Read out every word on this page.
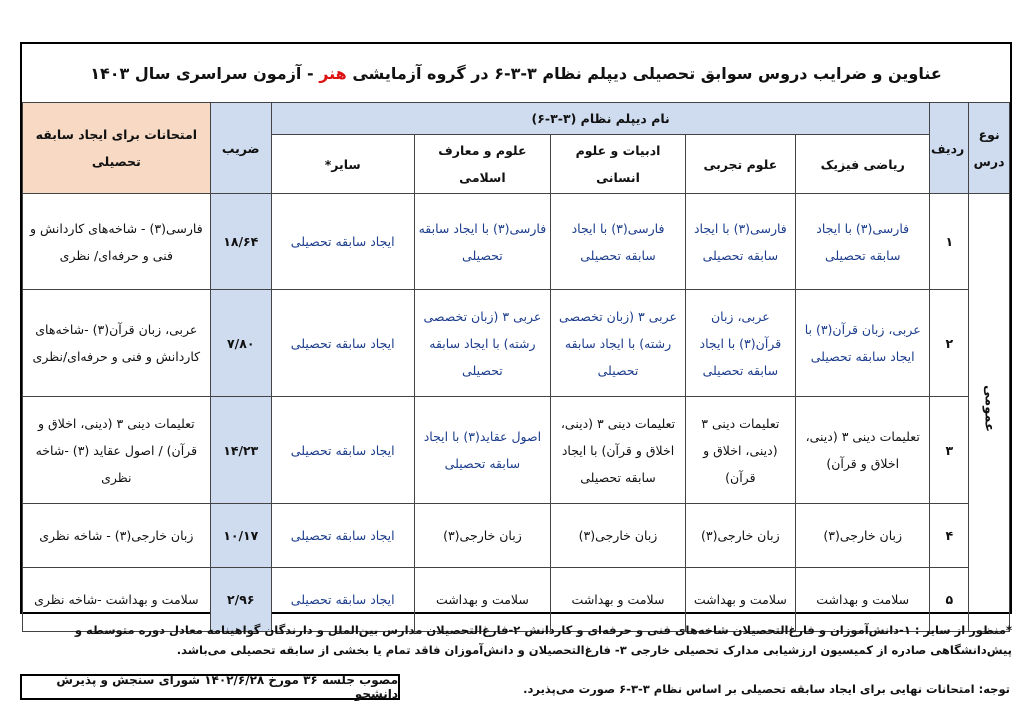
عناوین و ضرایب دروس سوابق تحصیلی دیپلم نظام ۳-۳-۶ در گروه آزمایشی

هنر

- آزمون سراسری سال ۱۴۰۳
نوع درس	ردیف	نام دیپلم نظام (۳-۳-۶)					ضریب	امتحانات برای ایجاد سابقه تحصیلی
		ریاضی فیزیک	علوم تجربی	ادبیات و علوم انسانی	علوم و معارف اسلامی	سایر*		
عمومی	۱	فارسی(۳) با ایجاد سابقه تحصیلی	فارسی(۳) با ایجاد سابقه تحصیلی	فارسی(۳) با ایجاد سابقه تحصیلی	فارسی(۳) با ایجاد سابقه تحصیلی	ایجاد سابقه تحصیلی	۱۸/۶۴	فارسی(۳) - شاخه‌های کاردانش و فنی و حرفه‌ای/ نظری
	۲	عربی، زبان قرآن(۳) با ایجاد سابقه تحصیلی	عربی، زبان قرآن(۳) با ایجاد سابقه تحصیلی	عربی ۳ (زبان تخصصی رشته) با ایجاد سابقه تحصیلی	عربی ۳ (زبان تخصصی رشته) با ایجاد سابقه تحصیلی	ایجاد سابقه تحصیلی	۷/۸۰	عربی، زبان قرآن(۳) -شاخه‌های کاردانش و فنی و حرفه‌ای/نظری
	۳	تعلیمات دینی ۳ (دینی، اخلاق و قرآن)	تعلیمات دینی ۳ (دینی، اخلاق و قرآن)	تعلیمات دینی ۳ (دینی، اخلاق و قرآن) با ایجاد سابقه تحصیلی	اصول عقاید(۳) با ایجاد سابقه تحصیلی	ایجاد سابقه تحصیلی	۱۴/۲۳	تعلیمات دینی ۳ (دینی، اخلاق و قرآن) / اصول عقاید (۳) -شاخه نظری
	۴	زبان خارجی(۳)	زبان خارجی(۳)	زبان خارجی(۳)	زبان خارجی(۳)	ایجاد سابقه تحصیلی	۱۰/۱۷	زبان خارجی(۳) - شاخه نظری
	۵	سلامت و بهداشت	سلامت و بهداشت	سلامت و بهداشت	سلامت و بهداشت	ایجاد سابقه تحصیلی	۲/۹۶	سلامت و بهداشت -شاخه نظری
*منظور از سایر : ۱-دانش‌آموزان و فارغ‌التحصیلان شاخه‌های فنی و حرفه‌ای و کاردانش ۲-فارغ‌التحصیلان مدارس بین‌الملل و دارندگان گواهینامه معادل دوره متوسطه و پیش‌دانشگاهی صادره از کمیسیون ارزشیابی مدارک تحصیلی خارجی ۳- فارغ‌التحصیلان و دانش‌آموزان فاقد تمام یا بخشی از سابقه تحصیلی می‌باشد.
توجه: امتحانات نهایی برای ایجاد سابقه تحصیلی بر اساس نظام ۳-۳-۶ صورت می‌پذیرد.
مصوب جلسه ۳۶ مورخ ۱۴۰۲/۶/۲۸ شورای سنجش و پذیرش دانشجو
